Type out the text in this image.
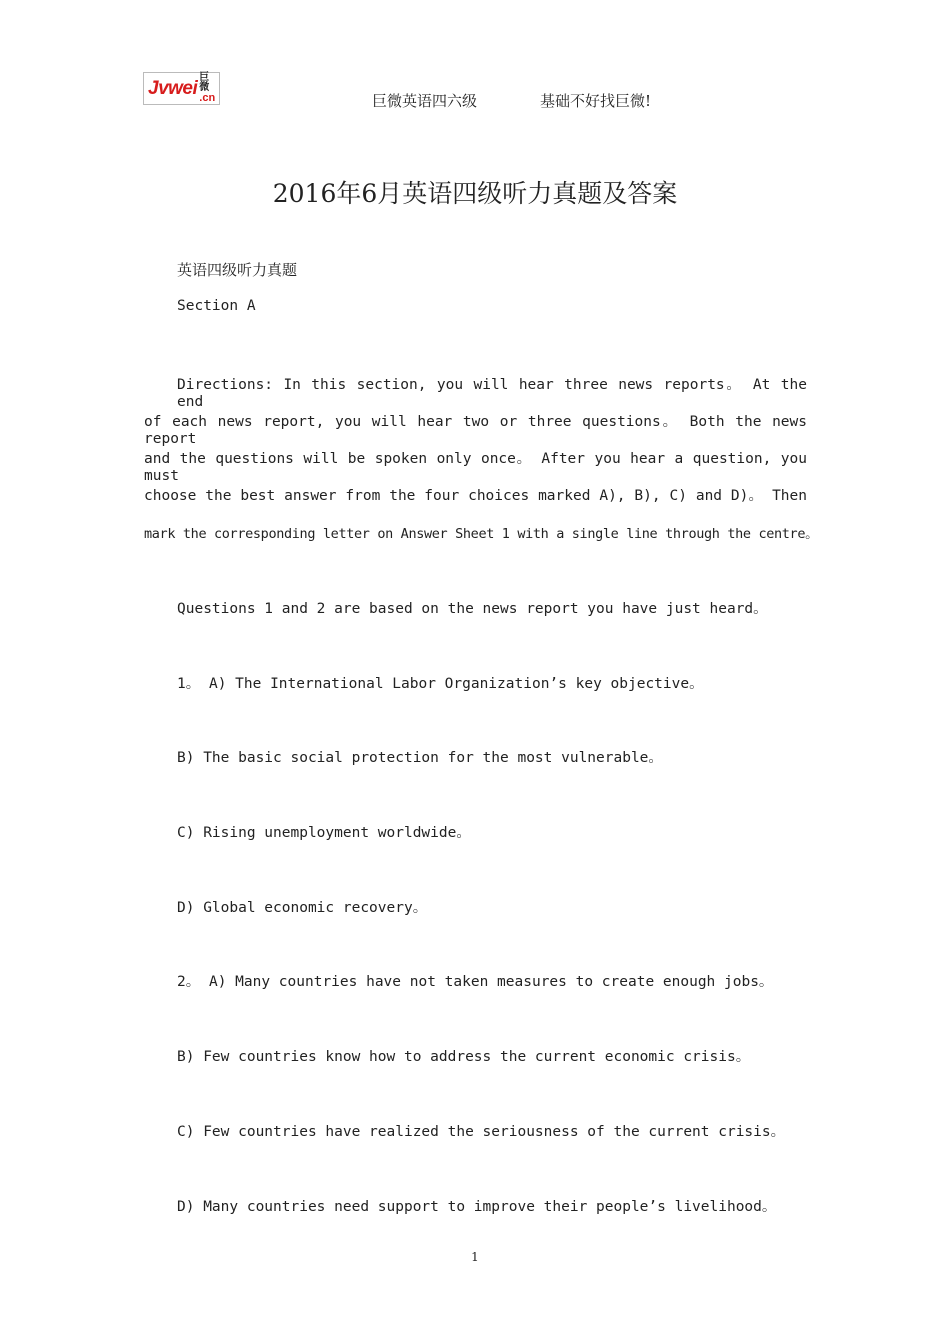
Jvwei 巨微
.cn	巨微英语四六级	基础不好找巨微!
2016年6月英语四级听力真题及答案
英语四级听力真题
Section A
Directions: In this section, you will hear three news reports。 At the end
of each news report, you will hear two or three questions。 Both the news report
and the questions will be spoken only once。 After you hear a question, you must
choose the best answer from the four choices marked A), B), C) and D)。 Then
mark the corresponding letter on Answer Sheet 1 with a single line through the centre。
Questions 1 and 2 are based on the news report you have just heard。
1。 A) The International Labor Organization’s key objective。
B) The basic social protection for the most vulnerable。
C) Rising unemployment worldwide。
D) Global economic recovery。
2。 A) Many countries have not taken measures to create enough jobs。
B) Few countries know how to address the current economic crisis。
C) Few countries have realized the seriousness of the current crisis。
D) Many countries need support to improve their people’s livelihood。
1
